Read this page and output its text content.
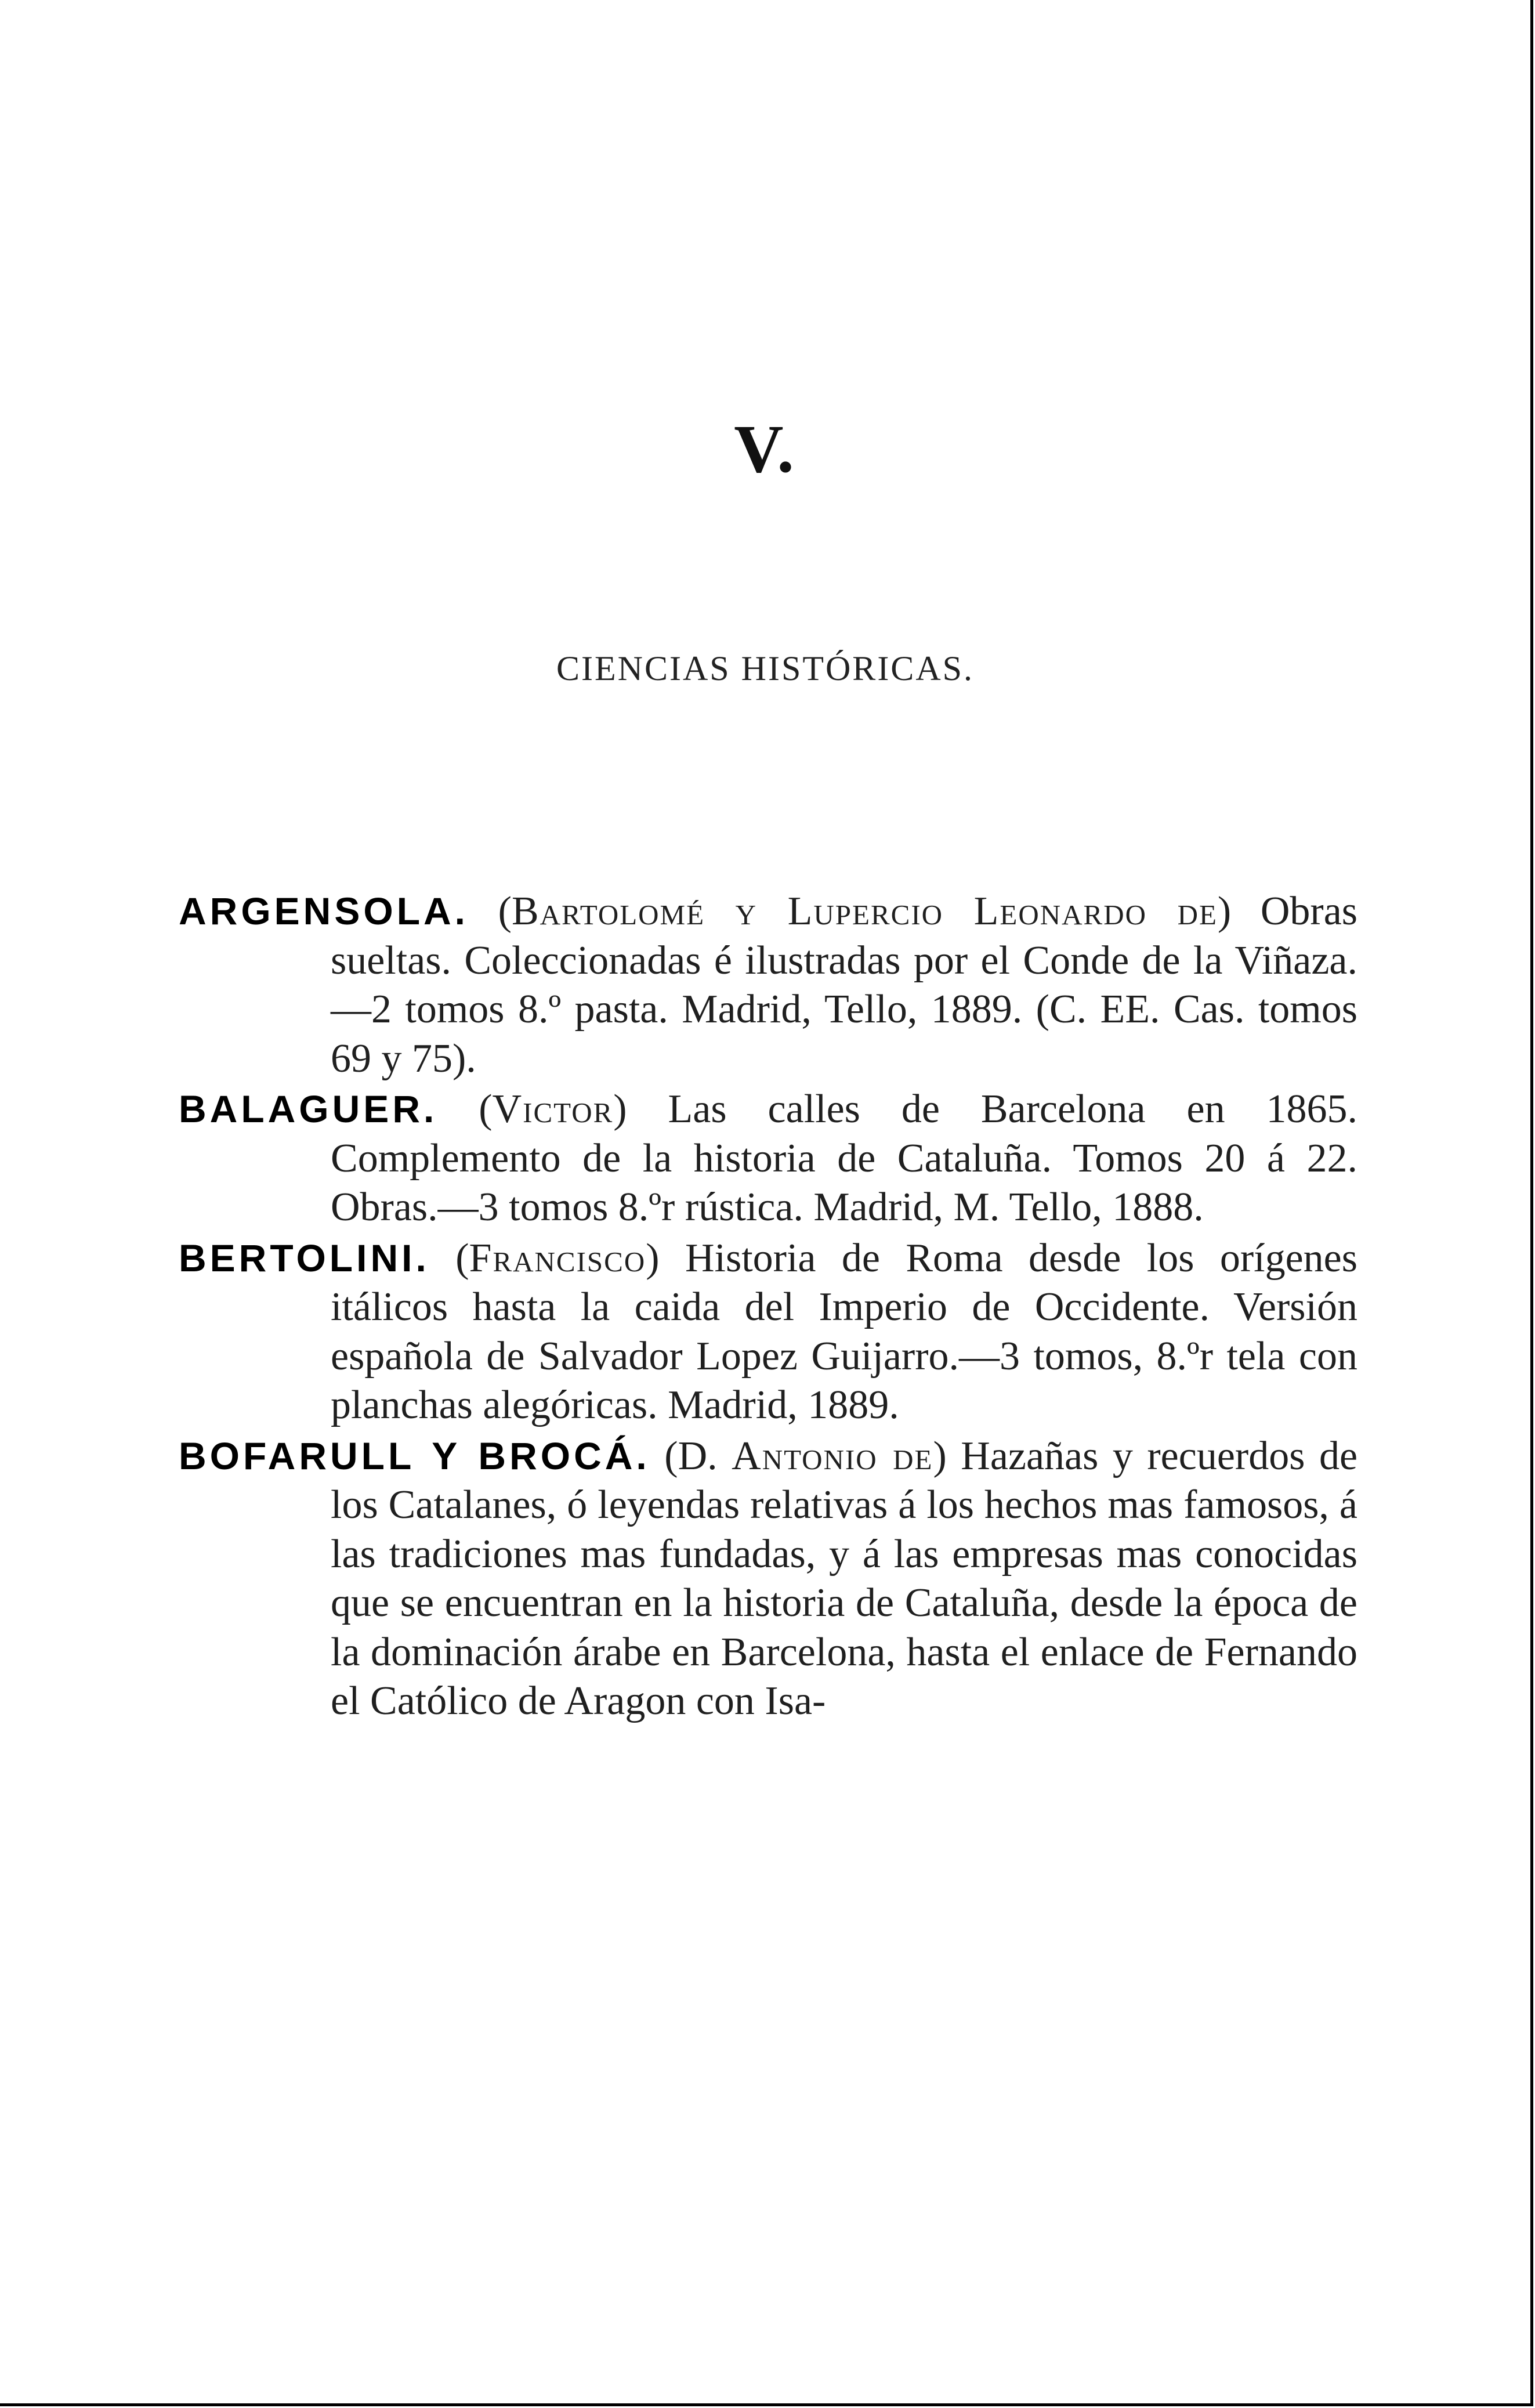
V.
CIENCIAS HISTÓRICAS.

ARGENSOLA. (Bartolomé y Lupercio Leonardo de) Obras sueltas. Coleccionadas é ilustradas por el Conde de la Viñaza.—2 tomos 8.º pasta. Madrid, Tello, 1889. (C. EE. Cas. tomos 69 y 75).

BALAGUER. (Victor) Las calles de Barcelona en 1865. Complemento de la historia de Cataluña. Tomos 20 á 22. Obras.—3 tomos 8.ºr rústica. Madrid, M. Tello, 1888.

BERTOLINI. (Francisco) Historia de Roma desde los orígenes itálicos hasta la caida del Imperio de Occidente. Versión española de Salvador Lopez Guijarro.—3 tomos, 8.ºr tela con planchas alegóricas. Madrid, 1889.

BOFARULL Y BROCÁ. (D. Antonio de) Hazañas y recuerdos de los Catalanes, ó leyendas relativas á los hechos mas famosos, á las tradiciones mas fundadas, y á las empresas mas conocidas que se encuentran en la historia de Cataluña, desde la época de la dominación árabe en Barcelona, hasta el enlace de Fernando el Católico de Aragon con Isa-
